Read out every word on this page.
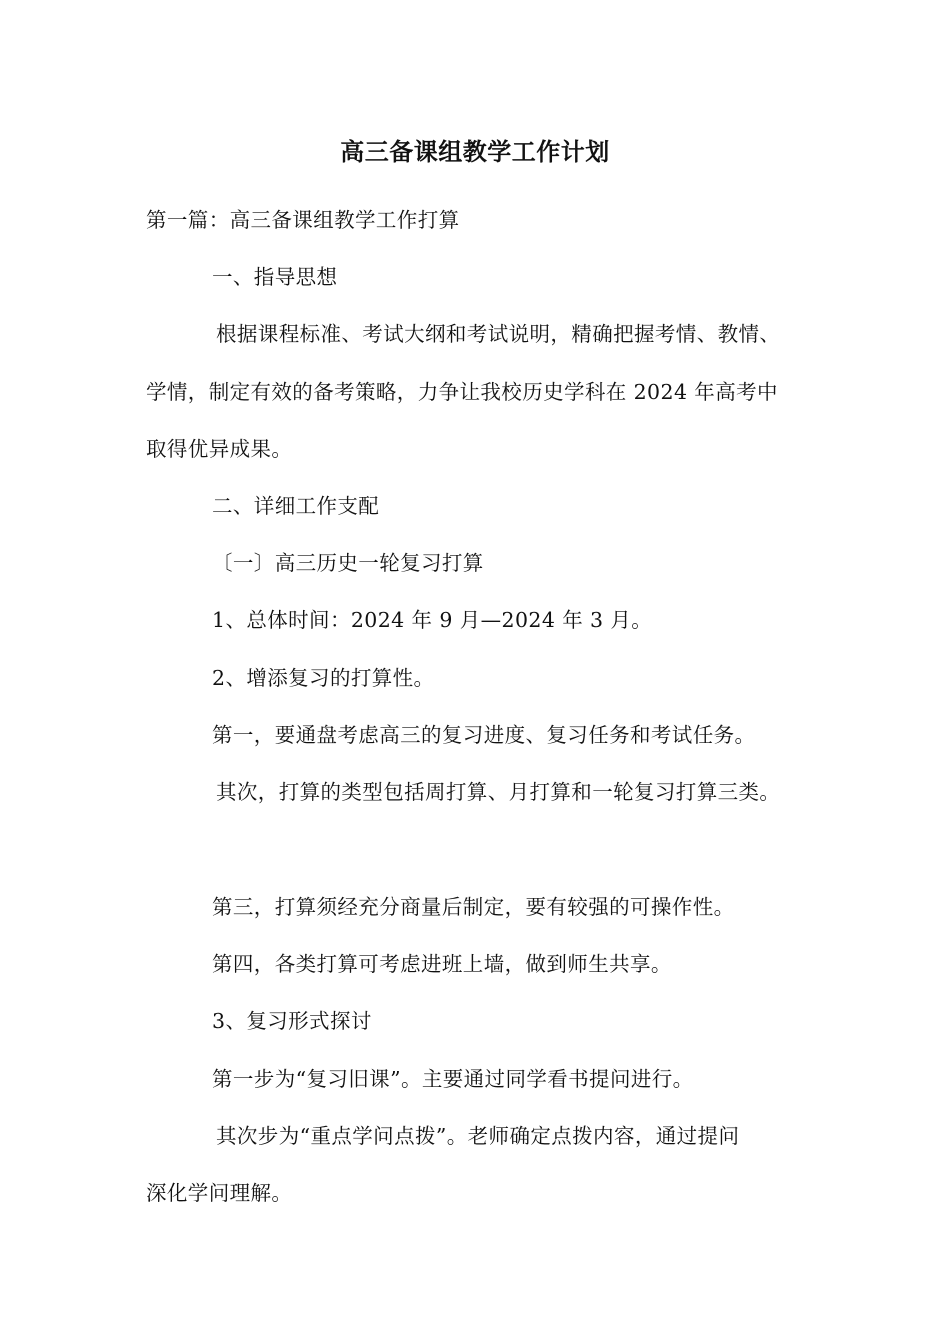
高三备课组教学工作计划
第一篇：高三备课组教学工作打算
一、指导思想
根据课程标准、考试大纲和考试说明，精确把握考情、教情、
学情，制定有效的备考策略，力争让我校历史学科在 2024 年高考中
取得优异成果。
二、详细工作支配
〔一〕高三历史一轮复习打算
1、总体时间：2024 年 9 月—2024 年 3 月。
2、增添复习的打算性。
第一，要通盘考虑高三的复习进度、复习任务和考试任务。
其次，打算的类型包括周打算、月打算和一轮复习打算三类。
第三，打算须经充分商量后制定，要有较强的可操作性。
第四，各类打算可考虑进班上墙，做到师生共享。
3、复习形式探讨
第一步为“复习旧课”。主要通过同学看书提问进行。
其次步为“重点学问点拨”。老师确定点拨内容，通过提问
深化学问理解。
